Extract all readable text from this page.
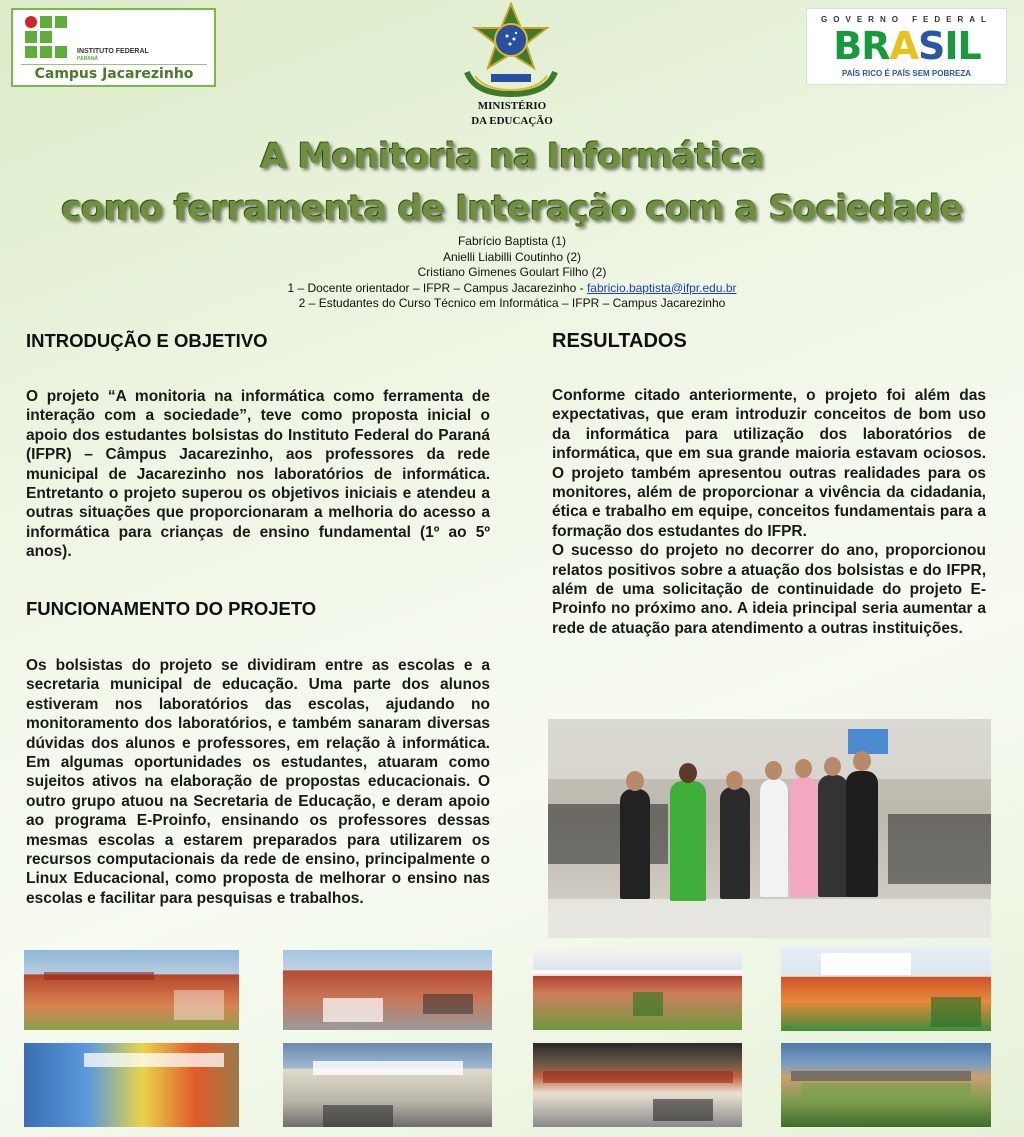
INSTITUTO FEDERAL
PARANÁ
Campus Jacarezinho
MINISTÉRIO
DA EDUCAÇÃO
GOVERNO FEDERAL
BRASIL
PAÍS RICO É PAÍS SEM POBREZA
A Monitoria na Informática
como ferramenta de Interação com a Sociedade
Fabrício Baptista (1)
Anielli Liabilli Coutinho (2)
Cristiano Gimenes Goulart Filho (2)
1 – Docente orientador – IFPR – Campus Jacarezinho - fabricio.baptista@ifpr.edu.br
2 – Estudantes do Curso Técnico em Informática – IFPR – Campus Jacarezinho
INTRODUÇÃO E OBJETIVO
O projeto “A monitoria na informática como ferramenta de interação com a sociedade”, teve como proposta inicial o apoio dos estudantes bolsistas do Instituto Federal do Paraná (IFPR) – Câmpus Jacarezinho, aos professores da rede municipal de Jacarezinho nos laboratórios de informática. Entretanto o projeto superou os objetivos iniciais e atendeu a outras situações que proporcionaram a melhoria do acesso a informática para crianças de ensino fundamental (1º ao 5º anos).
FUNCIONAMENTO DO PROJETO
Os bolsistas do projeto se dividiram entre as escolas e a secretaria municipal de educação. Uma parte dos alunos estiveram nos laboratórios das escolas, ajudando no monitoramento dos laboratórios, e também sanaram diversas dúvidas dos alunos e professores, em relação à informática. Em algumas oportunidades os estudantes, atuaram como sujeitos ativos na elaboração de propostas educacionais. O outro grupo atuou na Secretaria de Educação, e deram apoio ao programa E-Proinfo, ensinando os professores dessas mesmas escolas a estarem preparados para utilizarem os recursos computacionais da rede de ensino, principalmente o Linux Educacional, como proposta de melhorar o ensino nas escolas e facilitar para pesquisas e trabalhos.
RESULTADOS
Conforme citado anteriormente, o projeto foi além das expectativas, que eram introduzir conceitos de bom uso da informática para utilização dos laboratórios de informática, que em sua grande maioria estavam ociosos. O projeto também apresentou outras realidades para os monitores, além de proporcionar a vivência da cidadania, ética e trabalho em equipe, conceitos fundamentais para a formação dos estudantes do IFPR.
O sucesso do projeto no decorrer do ano, proporcionou relatos positivos sobre a atuação dos bolsistas e do IFPR, além de uma solicitação de continuidade do projeto E-Proinfo no próximo ano. A ideia principal seria aumentar a rede de atuação para atendimento a outras instituições.
